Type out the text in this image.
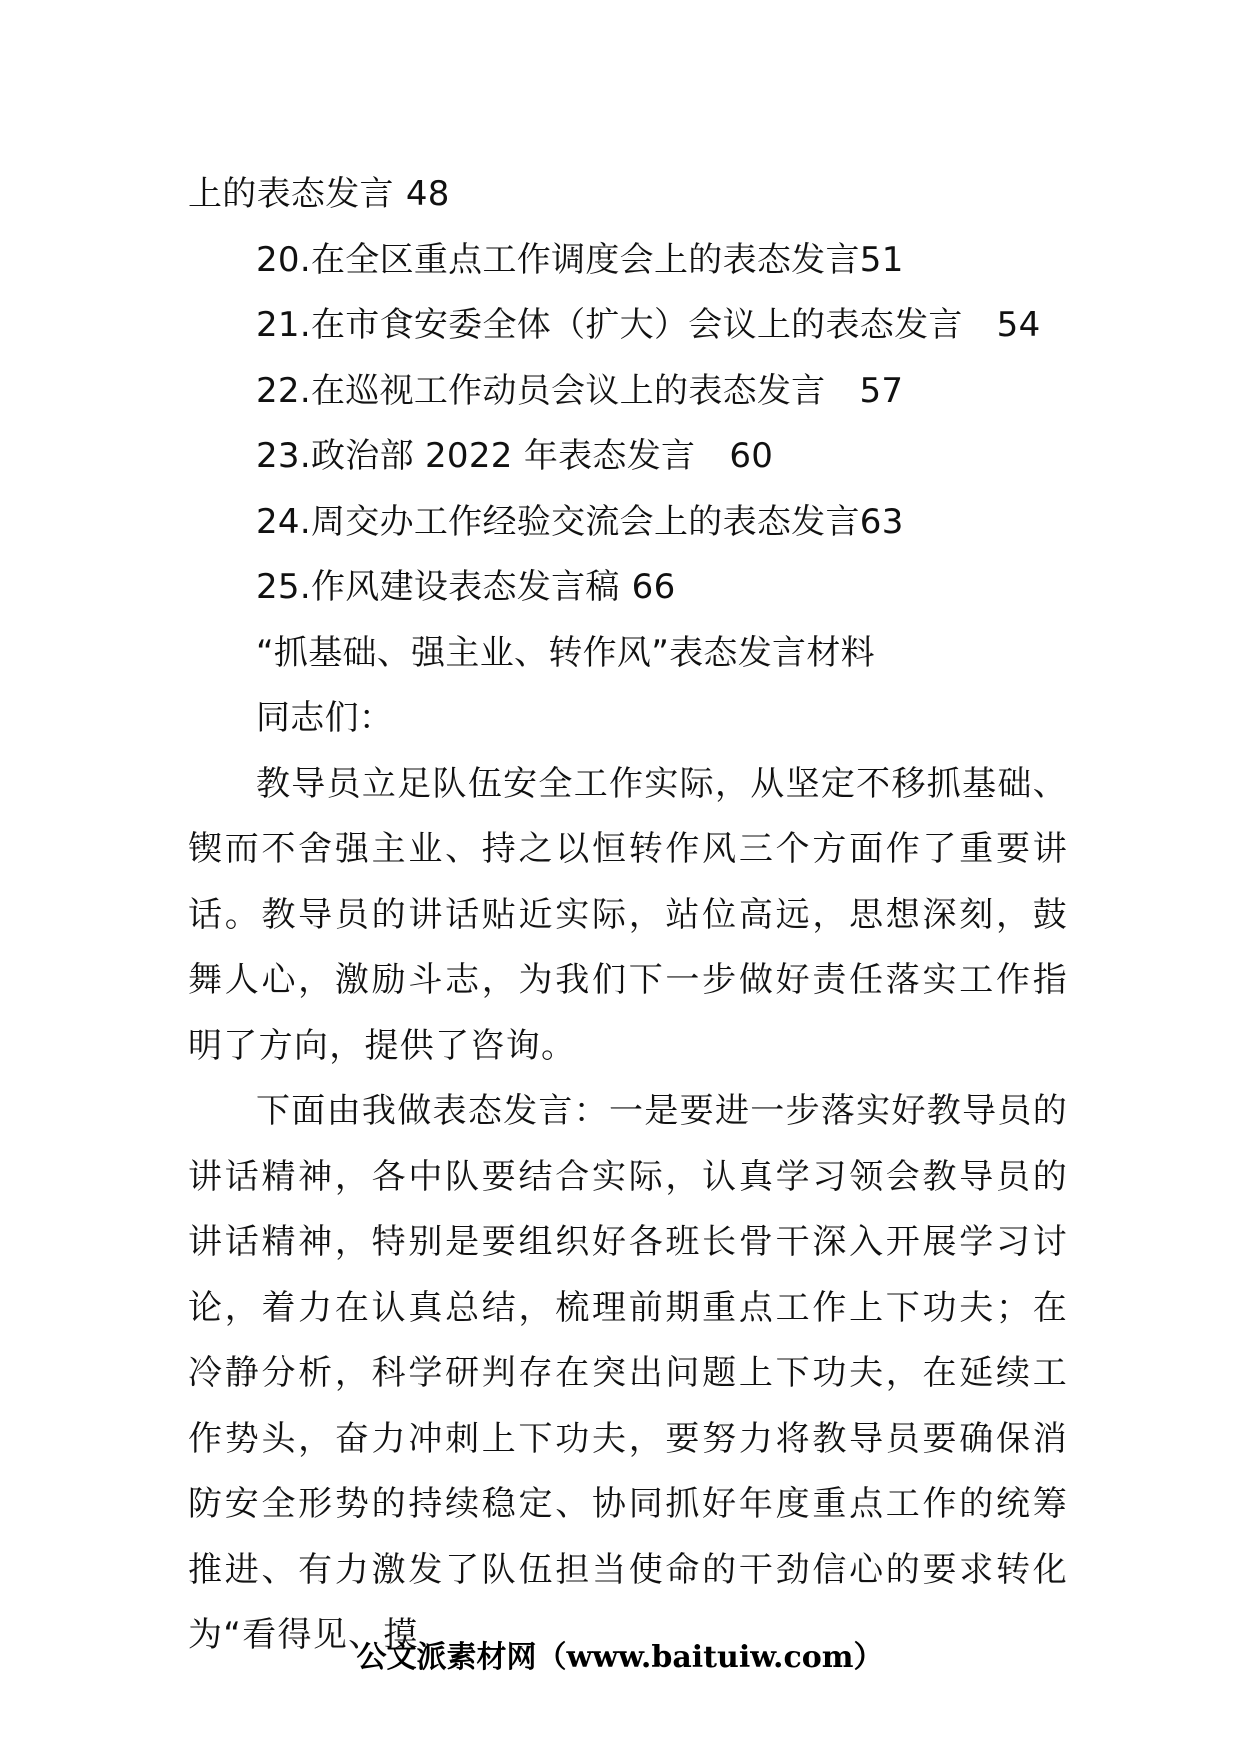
上的表态发言 48
20.在全区重点工作调度会上的表态发言51
21.在市食安委全体（扩大）会议上的表态发言 54
22.在巡视工作动员会议上的表态发言 57
23.政治部 2022 年表态发言 60
24.周交办工作经验交流会上的表态发言63
25.作风建设表态发言稿 66
“抓基础、强主业、转作风”表态发言材料
同志们：

教导员立足队伍安全工作实际，从坚定不移抓基础、锲而不舍强主业、持之以恒转作风三个方面作了重要讲话。教导员的讲话贴近实际，站位高远，思想深刻，鼓舞人心，激励斗志，为我们下一步做好责任落实工作指明了方向，提供了咨询。

下面由我做表态发言：一是要进一步落实好教导员的讲话精神，各中队要结合实际，认真学习领会教导员的讲话精神，特别是要组织好各班长骨干深入开展学习讨论，着力在认真总结，梳理前期重点工作上下功夫；在冷静分析，科学研判存在突出问题上下功夫，在延续工作势头，奋力冲刺上下功夫，要努力将教导员要确保消防安全形势的持续稳定、协同抓好年度重点工作的统筹推进、有力激发了队伍担当使命的干劲信心的要求转化为“看得见、摸

公文派素材网（www.baituiw.com）
